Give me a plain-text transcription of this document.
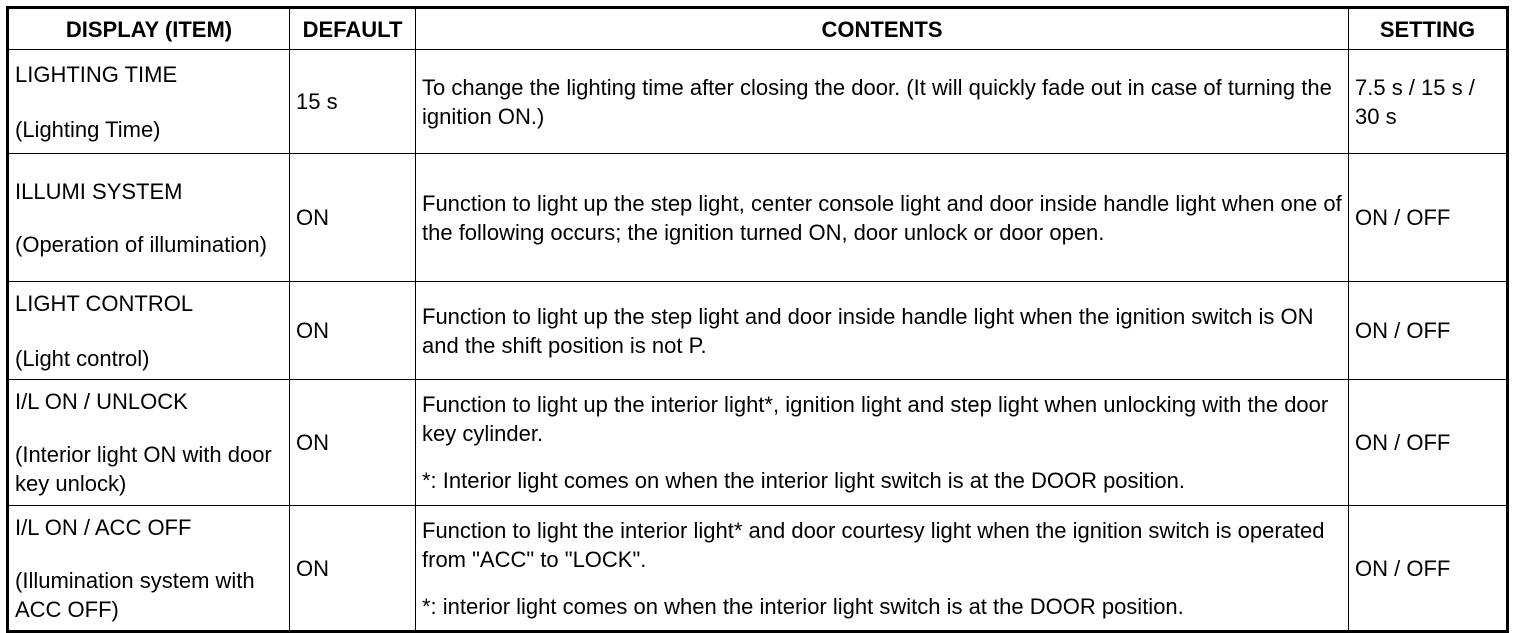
DISPLAY (ITEM)	DEFAULT	CONTENTS	SETTING
LIGHTING TIME
(Lighting Time)	15 s	To change the lighting time after closing the door. (It will quickly fade out in case of turning the ignition ON.)	7.5 s / 15 s / 30 s
ILLUMI SYSTEM
(Operation of illumination)	ON	Function to light up the step light, center console light and door inside handle light when one of the following occurs; the ignition turned ON, door unlock or door open.	ON / OFF
LIGHT CONTROL
(Light control)	ON	Function to light up the step light and door inside handle light when the ignition switch is ON and the shift position is not P.	ON / OFF
I/L ON / UNLOCK
(Interior light ON with door key unlock)	ON	Function to light up the interior light*, ignition light and step light when unlocking with the door key cylinder.
*: Interior light comes on when the interior light switch is at the DOOR position.	ON / OFF
I/L ON / ACC OFF
(Illumination system with ACC OFF)	ON	Function to light the interior light* and door courtesy light when the ignition switch is operated from "ACC" to "LOCK".
*: interior light comes on when the interior light switch is at the DOOR position.	ON / OFF
